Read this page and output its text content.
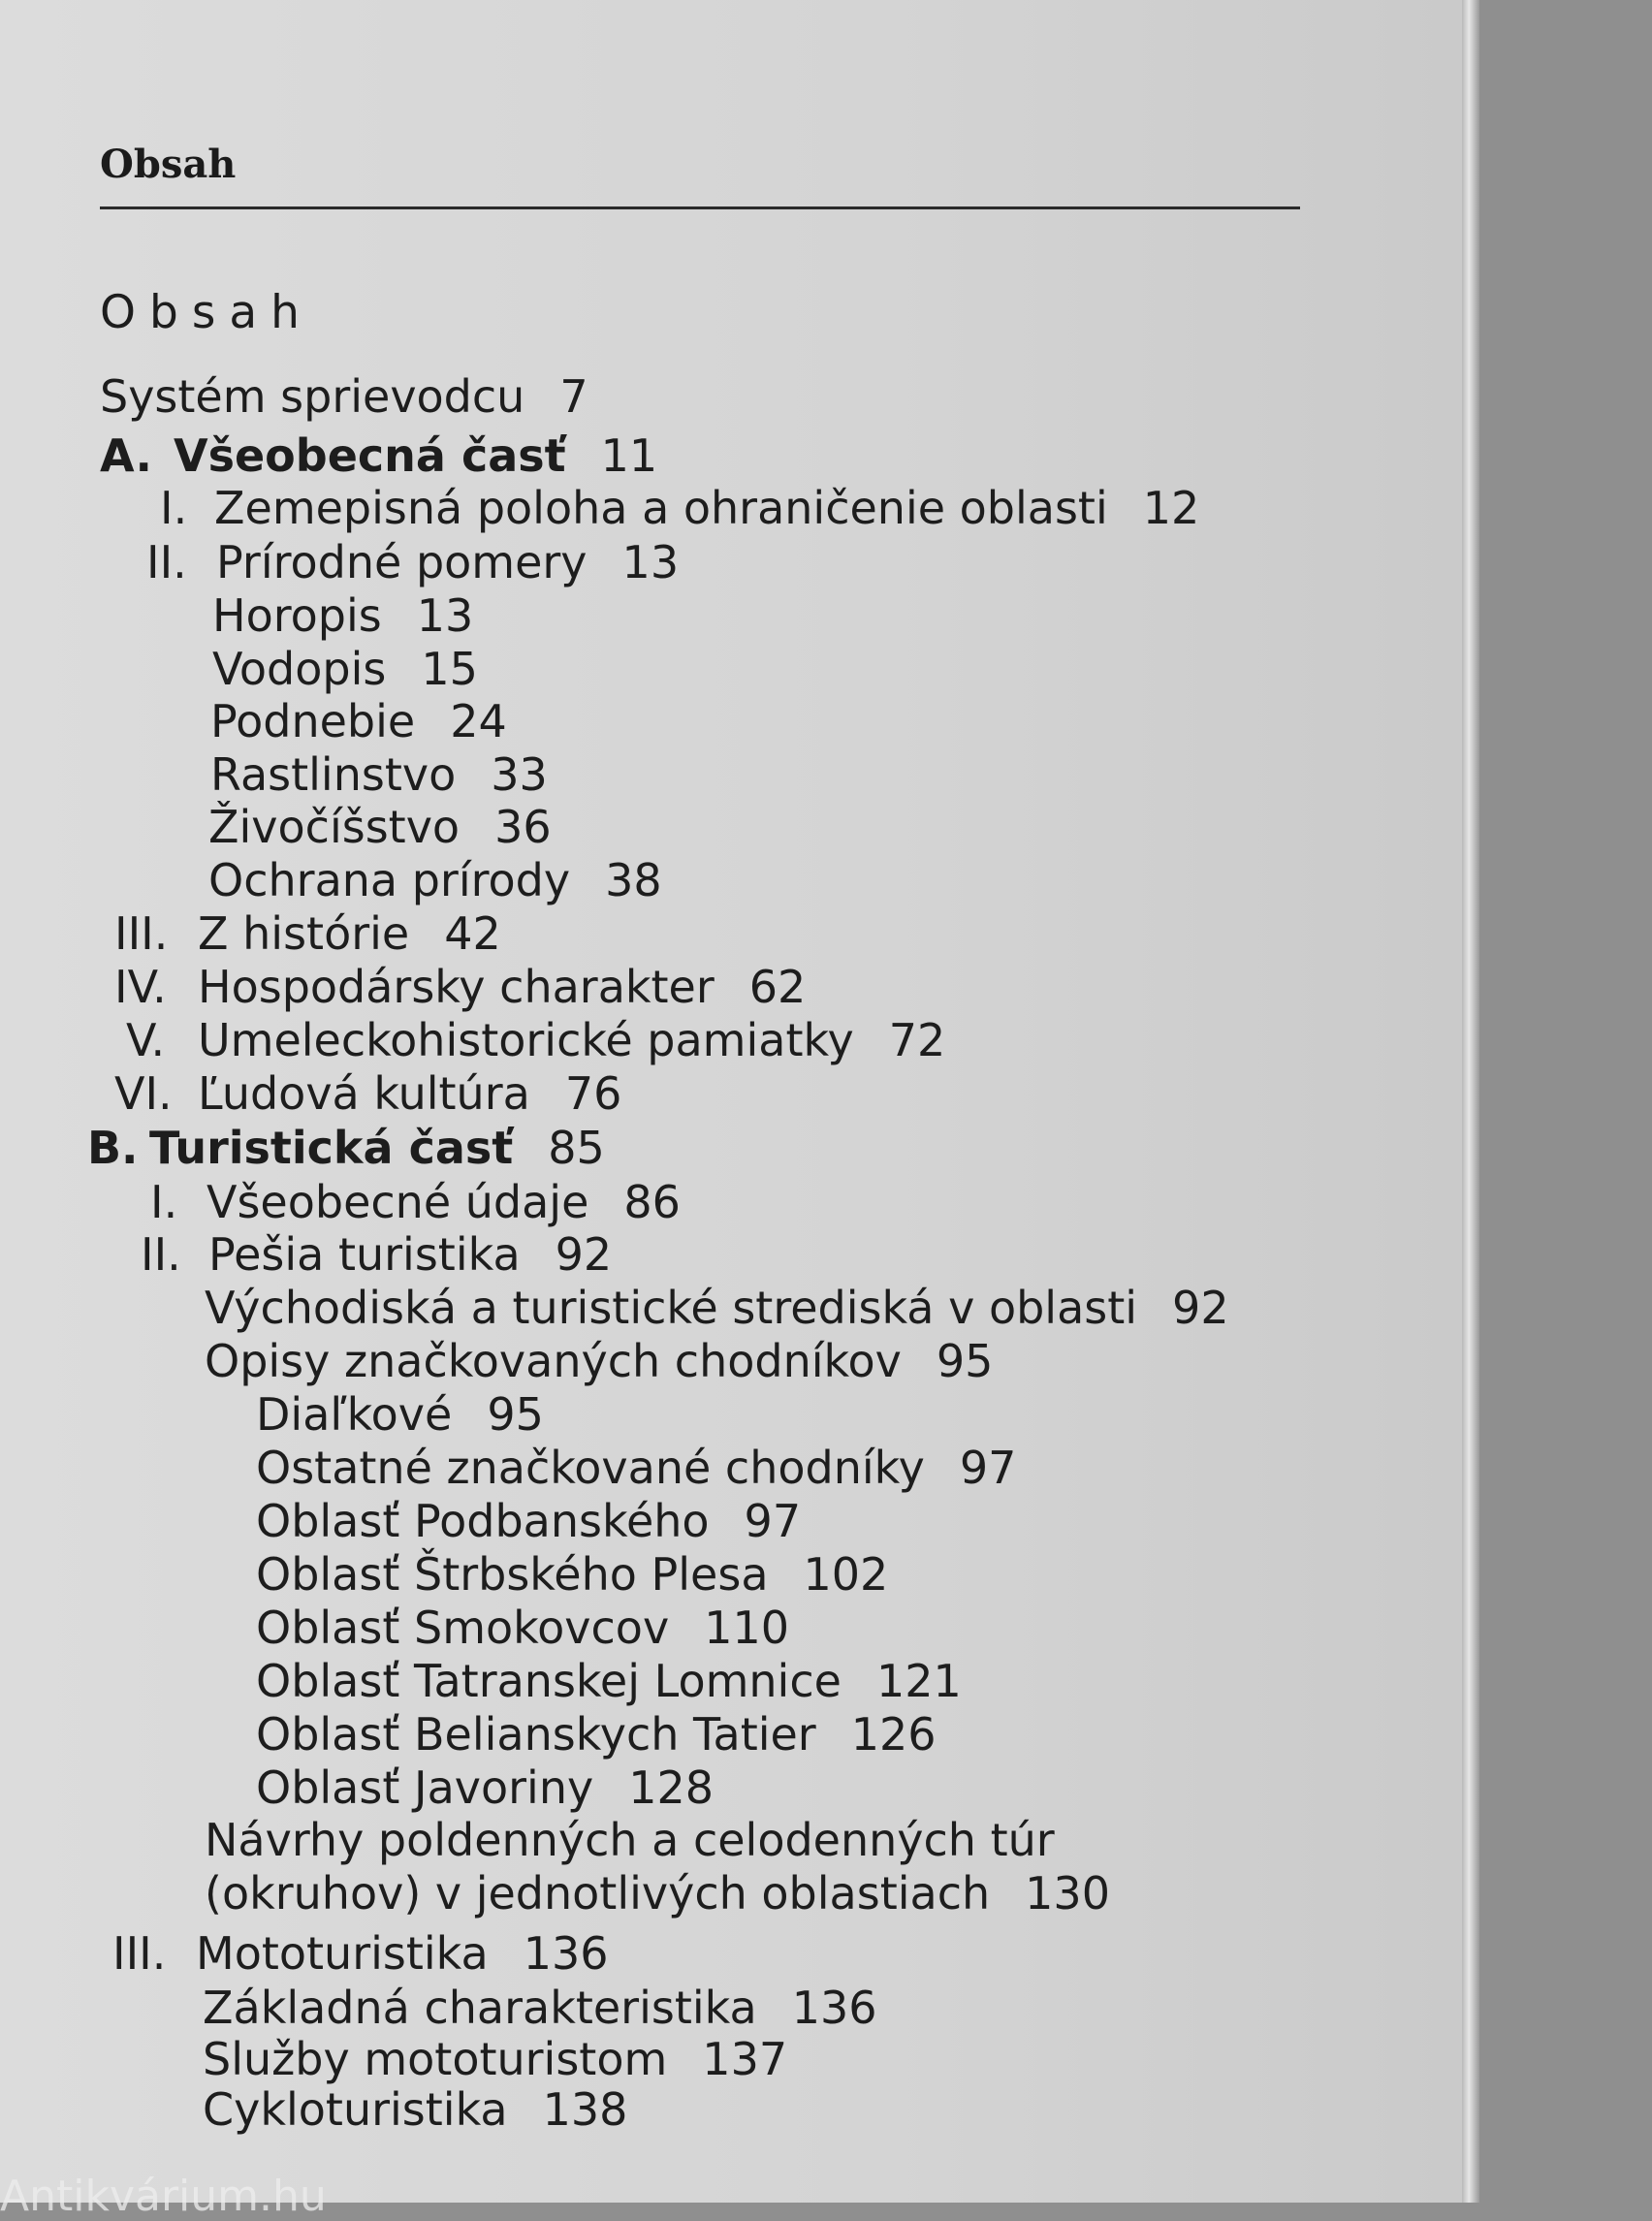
Obsah
Obsah
Systém sprievodcu 7
A. Všeobecná časť 11
I. Zemepisná poloha a ohraničenie oblasti 12
II. Prírodné pomery 13
Horopis 13
Vodopis 15
Podnebie 24
Rastlinstvo 33
Živočíšstvo 36
Ochrana prírody 38
III. Z histórie 42
IV. Hospodársky charakter 62
V. Umeleckohistorické pamiatky 72
VI. Ľudová kultúra 76
B. Turistická časť 85
I. Všeobecné údaje 86
II. Pešia turistika 92
Východiská a turistické strediská v oblasti 92
Opisy značkovaných chodníkov 95
Diaľkové 95
Ostatné značkované chodníky 97
Oblasť Podbanského 97
Oblasť Štrbského Plesa 102
Oblasť Smokovcov 110
Oblasť Tatranskej Lomnice 121
Oblasť Belianskych Tatier 126
Oblasť Javoriny 128
Návrhy poldenných a celodenných túr
(okruhov) v jednotlivých oblastiach 130
III. Mototuristika 136
Základná charakteristika 136
Služby mototuristom 137
Cykloturistika 138
Antikvárium.hu
